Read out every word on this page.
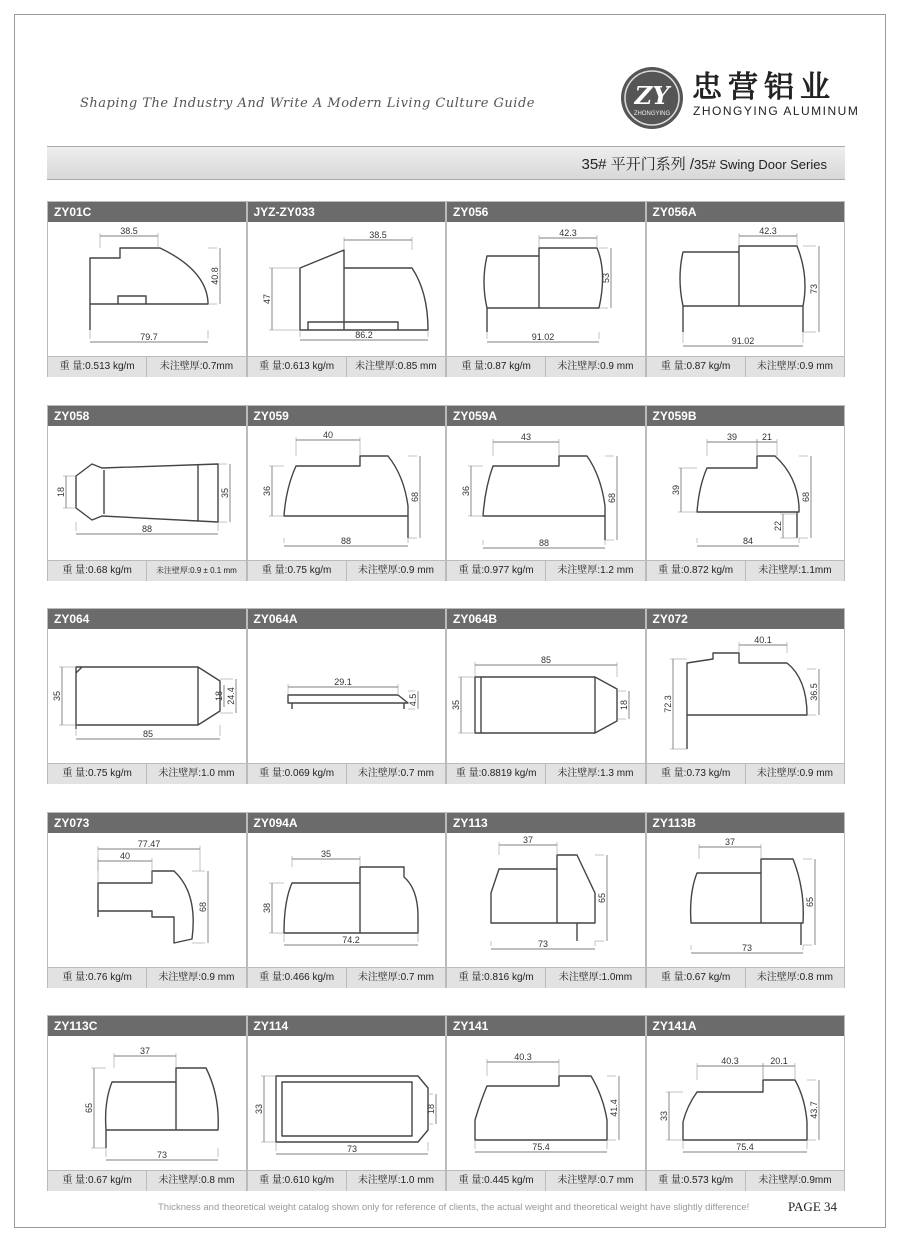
Shaping The Industry And Write A Modern Living Culture Guide	ZY
ZHONGYING
忠营铝业
ZHONGYING ALUMINUM
35# 平开门系列 /35# Swing Door Series
ZY01C
38.5
40.8
79.7
重 量:0.513 kg/m	未注壁厚:0.7mm
JYZ-ZY033
38.5
47
86.2
重 量:0.613 kg/m	未注壁厚:0.85 mm
ZY056
42.3
53
91.02
重 量:0.87 kg/m	未注壁厚:0.9 mm
ZY056A
42.3
73
91.02
重 量:0.87 kg/m	未注壁厚:0.9 mm
ZY058
18	35
88
重 量:0.68 kg/m	未注壁厚:0.9 ± 0.1 mm
ZY059
40
36
68
88
重 量:0.75 kg/m	未注壁厚:0.9 mm
ZY059A
43
36
68
88
重 量:0.977 kg/m	未注壁厚:1.2 mm
ZY059B
39	21
39
68
22
84
重 量:0.872 kg/m	未注壁厚:1.1mm
ZY064
35	18 24.4
85
重 量:0.75 kg/m	未注壁厚:1.0 mm
ZY064A
29.1
4.5
重 量:0.069 kg/m	未注壁厚:0.7 mm
ZY064B
85
35	18
重 量:0.8819 kg/m	未注壁厚:1.3 mm
ZY072
40.1
72.3
36.5
重 量:0.73 kg/m	未注壁厚:0.9 mm
ZY073
77.47
40
68
重 量:0.76 kg/m	未注壁厚:0.9 mm
ZY094A
35
38
74.2
重 量:0.466 kg/m	未注壁厚:0.7 mm
ZY113
37
65
73
重 量:0.816 kg/m	未注壁厚:1.0mm
ZY113B
37
65
73
重 量:0.67 kg/m	未注壁厚:0.8 mm
ZY113C
37
65
73
重 量:0.67 kg/m	未注壁厚:0.8 mm
ZY114
33	18
73
重 量:0.610 kg/m	未注壁厚:1.0 mm
ZY141
40.3
41.4
75.4
重 量:0.445 kg/m	未注壁厚:0.7 mm
ZY141A
40.3	20.1
33	43.7
75.4
重 量:0.573 kg/m	未注壁厚:0.9mm
Thickness and theoretical weight catalog shown only for reference of clients, the actual weight and theoretical weight have slightly difference!	PAGE 34
